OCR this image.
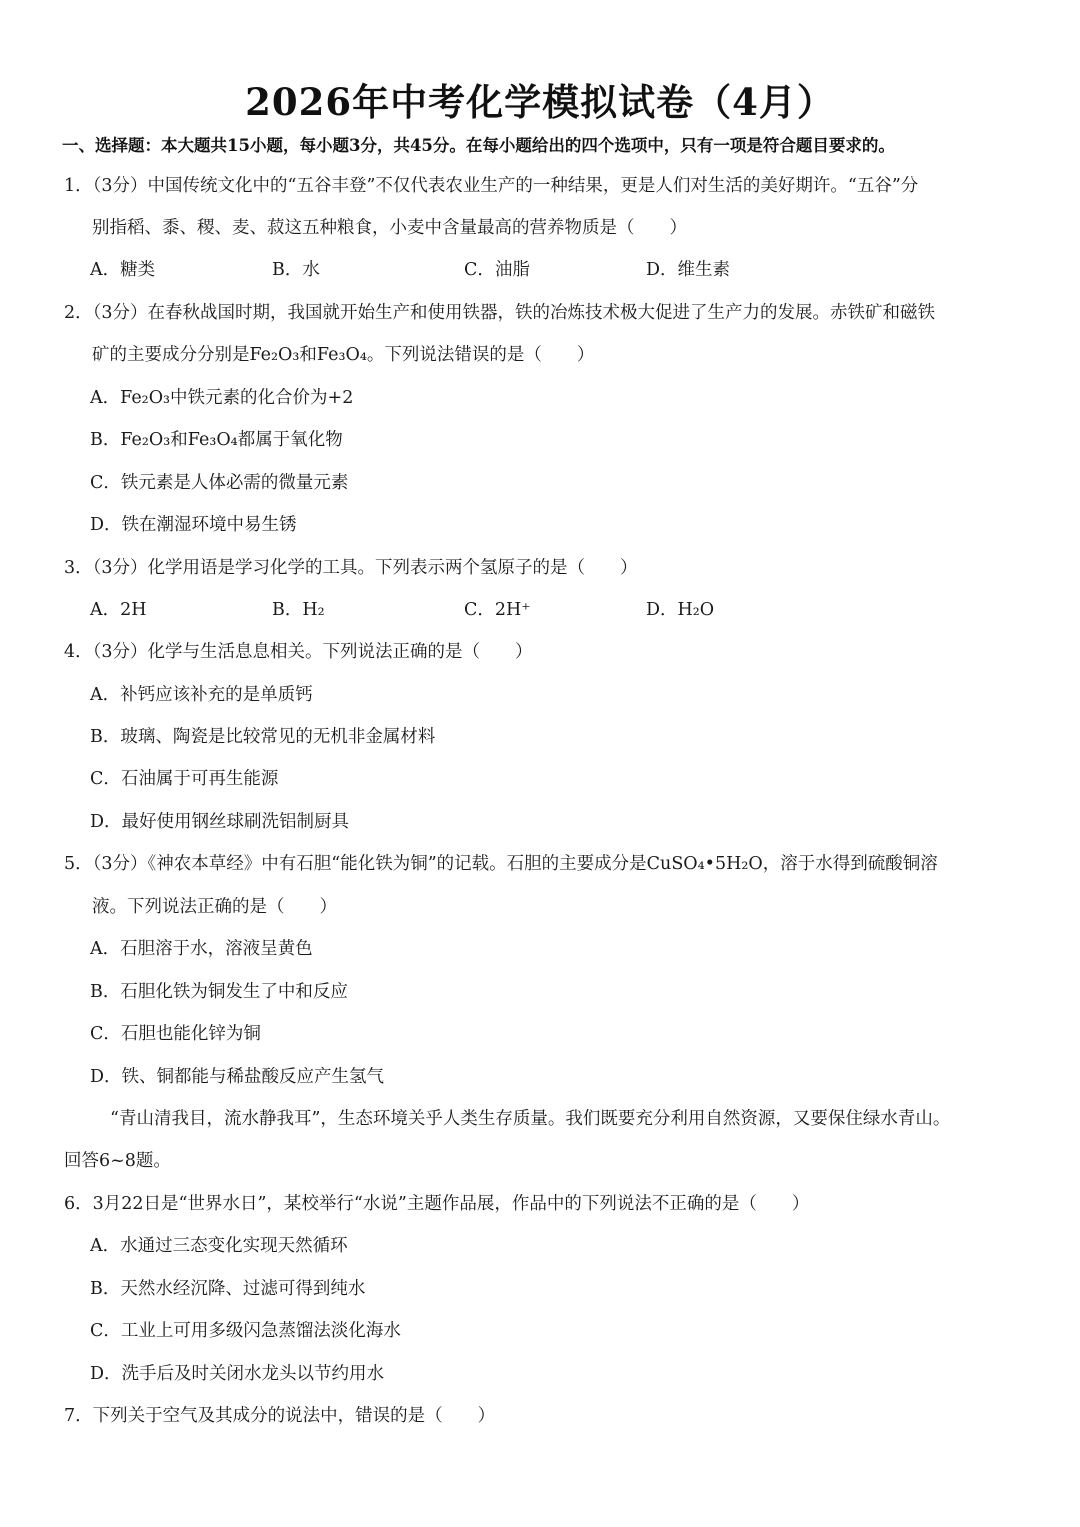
2026年中考化学模拟试卷（4月）
一、选择题：本大题共15小题，每小题3分，共45分。在每小题给出的四个选项中，只有一项是符合题目要求的。
1．（3分）中国传统文化中的“五谷丰登”不仅代表农业生产的一种结果，更是人们对生活的美好期许。“五谷”分
别指稻、黍、稷、麦、菽这五种粮食，小麦中含量最高的营养物质是（　　）
A．糖类	B．水	C．油脂	D．维生素
2．（3分）在春秋战国时期，我国就开始生产和使用铁器，铁的冶炼技术极大促进了生产力的发展。赤铁矿和磁铁
矿的主要成分分别是Fe₂O₃和Fe₃O₄。下列说法错误的是（　　）
A．Fe₂O₃中铁元素的化合价为+2
B．Fe₂O₃和Fe₃O₄都属于氧化物
C．铁元素是人体必需的微量元素
D．铁在潮湿环境中易生锈
3．（3分）化学用语是学习化学的工具。下列表示两个氢原子的是（　　）
A．2H	B．H₂	C．2H⁺	D．H₂O
4．（3分）化学与生活息息相关。下列说法正确的是（　　）
A．补钙应该补充的是单质钙
B．玻璃、陶瓷是比较常见的无机非金属材料
C．石油属于可再生能源
D．最好使用钢丝球刷洗铝制厨具
5．（3分）《神农本草经》中有石胆“能化铁为铜”的记载。石胆的主要成分是CuSO₄•5H₂O，溶于水得到硫酸铜溶
液。下列说法正确的是（　　）
A．石胆溶于水，溶液呈黄色
B．石胆化铁为铜发生了中和反应
C．石胆也能化锌为铜
D．铁、铜都能与稀盐酸反应产生氢气
“青山清我目，流水静我耳”，生态环境关乎人类生存质量。我们既要充分利用自然资源，又要保住绿水青山。
回答6~8题。
6．3月22日是“世界水日”，某校举行“水说”主题作品展，作品中的下列说法不正确的是（　　）
A．水通过三态变化实现天然循环
B．天然水经沉降、过滤可得到纯水
C．工业上可用多级闪急蒸馏法淡化海水
D．洗手后及时关闭水龙头以节约用水
7．下列关于空气及其成分的说法中，错误的是（　　）
